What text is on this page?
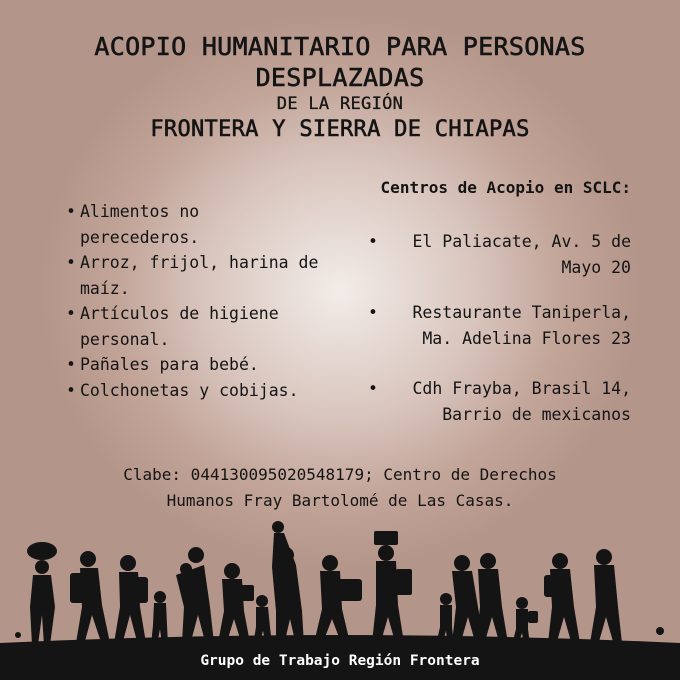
ACOPIO HUMANITARIO PARA PERSONAS
DESPLAZADAS
DE LA REGIÓN
FRONTERA Y SIERRA DE CHIAPAS
• Alimentos no perecederos.
• Arroz, frijol, harina de maíz.
• Artículos de higiene personal.
• Pañales para bebé.
• Colchonetas y cobijas.

Centros de Acopio en SCLC:

•	El Paliacate, Av. 5 de
Mayo 20
•	Restaurante Taniperla,
Ma. Adelina Flores 23
•	Cdh Frayba, Brasil 14,
Barrio de mexicanos
Clabe: 044130095020548179; Centro de Derechos
Humanos Fray Bartolomé de Las Casas.
Grupo de Trabajo Región Frontera
